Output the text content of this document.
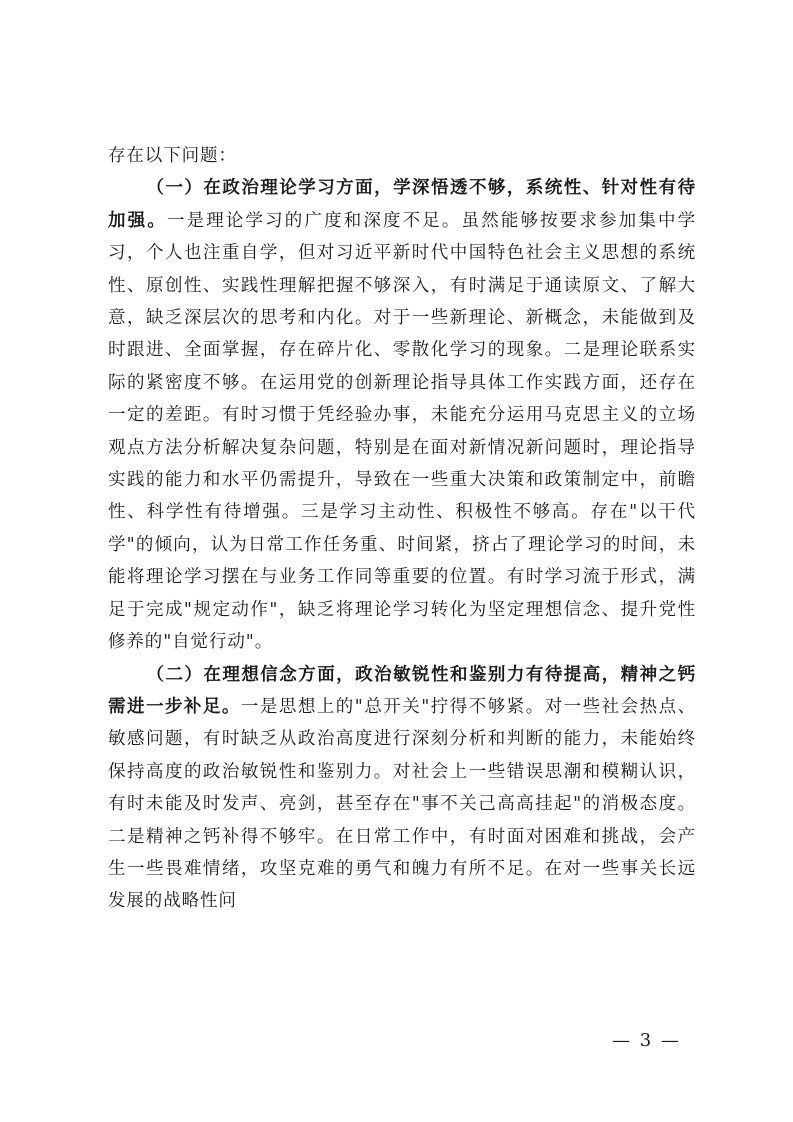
存在以下问题：

（一）在政治理论学习方面，学深悟透不够，系统性、针对性有待加强。一是理论学习的广度和深度不足。虽然能够按要求参加集中学习，个人也注重自学，但对习近平新时代中国特色社会主义思想的系统性、原创性、实践性理解把握不够深入，有时满足于通读原文、了解大意，缺乏深层次的思考和内化。对于一些新理论、新概念，未能做到及时跟进、全面掌握，存在碎片化、零散化学习的现象。二是理论联系实际的紧密度不够。在运用党的创新理论指导具体工作实践方面，还存在一定的差距。有时习惯于凭经验办事，未能充分运用马克思主义的立场观点方法分析解决复杂问题，特别是在面对新情况新问题时，理论指导实践的能力和水平仍需提升，导致在一些重大决策和政策制定中，前瞻性、科学性有待增强。三是学习主动性、积极性不够高。存在"以干代学"的倾向，认为日常工作任务重、时间紧，挤占了理论学习的时间，未能将理论学习摆在与业务工作同等重要的位置。有时学习流于形式，满足于完成"规定动作"，缺乏将理论学习转化为坚定理想信念、提升党性修养的"自觉行动"。

（二）在理想信念方面，政治敏锐性和鉴别力有待提高，精神之钙需进一步补足。一是思想上的"总开关"拧得不够紧。对一些社会热点、敏感问题，有时缺乏从政治高度进行深刻分析和判断的能力，未能始终保持高度的政治敏锐性和鉴别力。对社会上一些错误思潮和模糊认识，有时未能及时发声、亮剑，甚至存在"事不关己高高挂起"的消极态度。二是精神之钙补得不够牢。在日常工作中，有时面对困难和挑战，会产生一些畏难情绪，攻坚克难的勇气和魄力有所不足。在对一些事关长远发展的战略性问

— 3 —
